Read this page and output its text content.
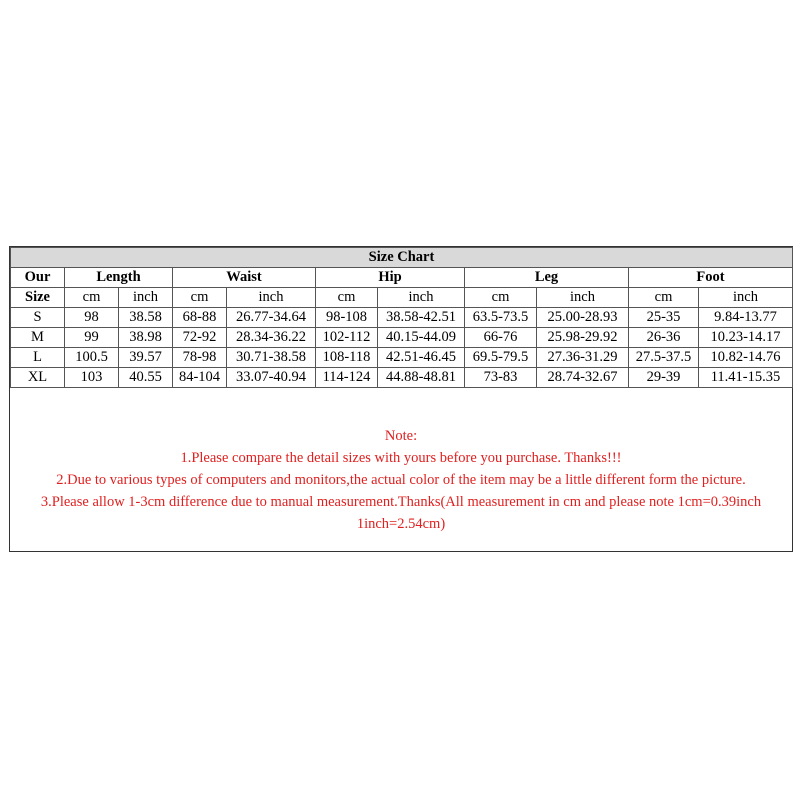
Size Chart										
Our	Length		Waist		Hip		Leg		Foot	
Size	cm	inch	cm	inch	cm	inch	cm	inch	cm	inch
S	98	38.58	68-88	26.77-34.64	98-108	38.58-42.51	63.5-73.5	25.00-28.93	25-35	9.84-13.77
M	99	38.98	72-92	28.34-36.22	102-112	40.15-44.09	66-76	25.98-29.92	26-36	10.23-14.17
L	100.5	39.57	78-98	30.71-38.58	108-118	42.51-46.45	69.5-79.5	27.36-31.29	27.5-37.5	10.82-14.76
XL	103	40.55	84-104	33.07-40.94	114-124	44.88-48.81	73-83	28.74-32.67	29-39	11.41-15.35
Note:
1.Please compare the detail sizes with yours before you purchase. Thanks!!!
2.Due to various types of computers and monitors,the actual color of the item may be a little different form the picture.
3.Please allow 1-3cm difference due to manual measurement.Thanks(All measurement in cm and please note 1cm=0.39inch
1inch=2.54cm)
